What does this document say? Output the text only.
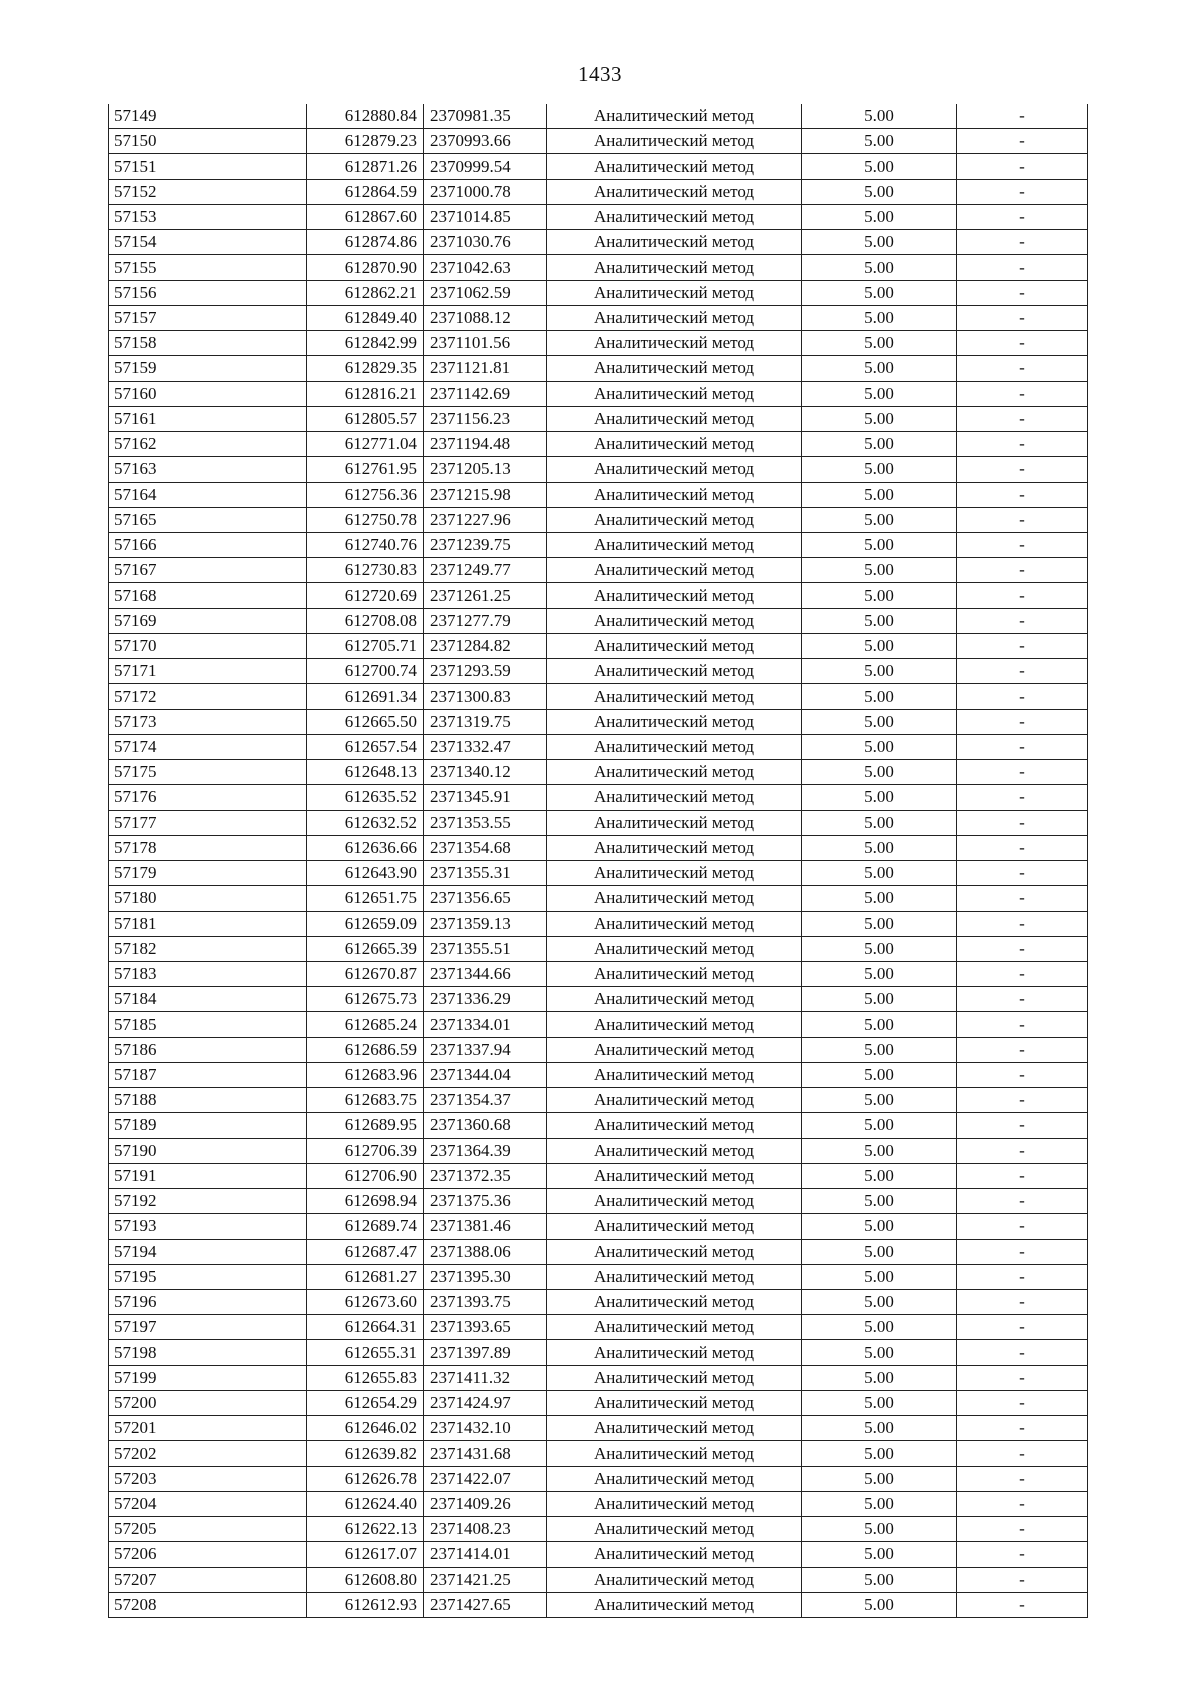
1433
57149	612880.84	2370981.35	Аналитический метод	5.00	-
57150	612879.23	2370993.66	Аналитический метод	5.00	-
57151	612871.26	2370999.54	Аналитический метод	5.00	-
57152	612864.59	2371000.78	Аналитический метод	5.00	-
57153	612867.60	2371014.85	Аналитический метод	5.00	-
57154	612874.86	2371030.76	Аналитический метод	5.00	-
57155	612870.90	2371042.63	Аналитический метод	5.00	-
57156	612862.21	2371062.59	Аналитический метод	5.00	-
57157	612849.40	2371088.12	Аналитический метод	5.00	-
57158	612842.99	2371101.56	Аналитический метод	5.00	-
57159	612829.35	2371121.81	Аналитический метод	5.00	-
57160	612816.21	2371142.69	Аналитический метод	5.00	-
57161	612805.57	2371156.23	Аналитический метод	5.00	-
57162	612771.04	2371194.48	Аналитический метод	5.00	-
57163	612761.95	2371205.13	Аналитический метод	5.00	-
57164	612756.36	2371215.98	Аналитический метод	5.00	-
57165	612750.78	2371227.96	Аналитический метод	5.00	-
57166	612740.76	2371239.75	Аналитический метод	5.00	-
57167	612730.83	2371249.77	Аналитический метод	5.00	-
57168	612720.69	2371261.25	Аналитический метод	5.00	-
57169	612708.08	2371277.79	Аналитический метод	5.00	-
57170	612705.71	2371284.82	Аналитический метод	5.00	-
57171	612700.74	2371293.59	Аналитический метод	5.00	-
57172	612691.34	2371300.83	Аналитический метод	5.00	-
57173	612665.50	2371319.75	Аналитический метод	5.00	-
57174	612657.54	2371332.47	Аналитический метод	5.00	-
57175	612648.13	2371340.12	Аналитический метод	5.00	-
57176	612635.52	2371345.91	Аналитический метод	5.00	-
57177	612632.52	2371353.55	Аналитический метод	5.00	-
57178	612636.66	2371354.68	Аналитический метод	5.00	-
57179	612643.90	2371355.31	Аналитический метод	5.00	-
57180	612651.75	2371356.65	Аналитический метод	5.00	-
57181	612659.09	2371359.13	Аналитический метод	5.00	-
57182	612665.39	2371355.51	Аналитический метод	5.00	-
57183	612670.87	2371344.66	Аналитический метод	5.00	-
57184	612675.73	2371336.29	Аналитический метод	5.00	-
57185	612685.24	2371334.01	Аналитический метод	5.00	-
57186	612686.59	2371337.94	Аналитический метод	5.00	-
57187	612683.96	2371344.04	Аналитический метод	5.00	-
57188	612683.75	2371354.37	Аналитический метод	5.00	-
57189	612689.95	2371360.68	Аналитический метод	5.00	-
57190	612706.39	2371364.39	Аналитический метод	5.00	-
57191	612706.90	2371372.35	Аналитический метод	5.00	-
57192	612698.94	2371375.36	Аналитический метод	5.00	-
57193	612689.74	2371381.46	Аналитический метод	5.00	-
57194	612687.47	2371388.06	Аналитический метод	5.00	-
57195	612681.27	2371395.30	Аналитический метод	5.00	-
57196	612673.60	2371393.75	Аналитический метод	5.00	-
57197	612664.31	2371393.65	Аналитический метод	5.00	-
57198	612655.31	2371397.89	Аналитический метод	5.00	-
57199	612655.83	2371411.32	Аналитический метод	5.00	-
57200	612654.29	2371424.97	Аналитический метод	5.00	-
57201	612646.02	2371432.10	Аналитический метод	5.00	-
57202	612639.82	2371431.68	Аналитический метод	5.00	-
57203	612626.78	2371422.07	Аналитический метод	5.00	-
57204	612624.40	2371409.26	Аналитический метод	5.00	-
57205	612622.13	2371408.23	Аналитический метод	5.00	-
57206	612617.07	2371414.01	Аналитический метод	5.00	-
57207	612608.80	2371421.25	Аналитический метод	5.00	-
57208	612612.93	2371427.65	Аналитический метод	5.00	-
